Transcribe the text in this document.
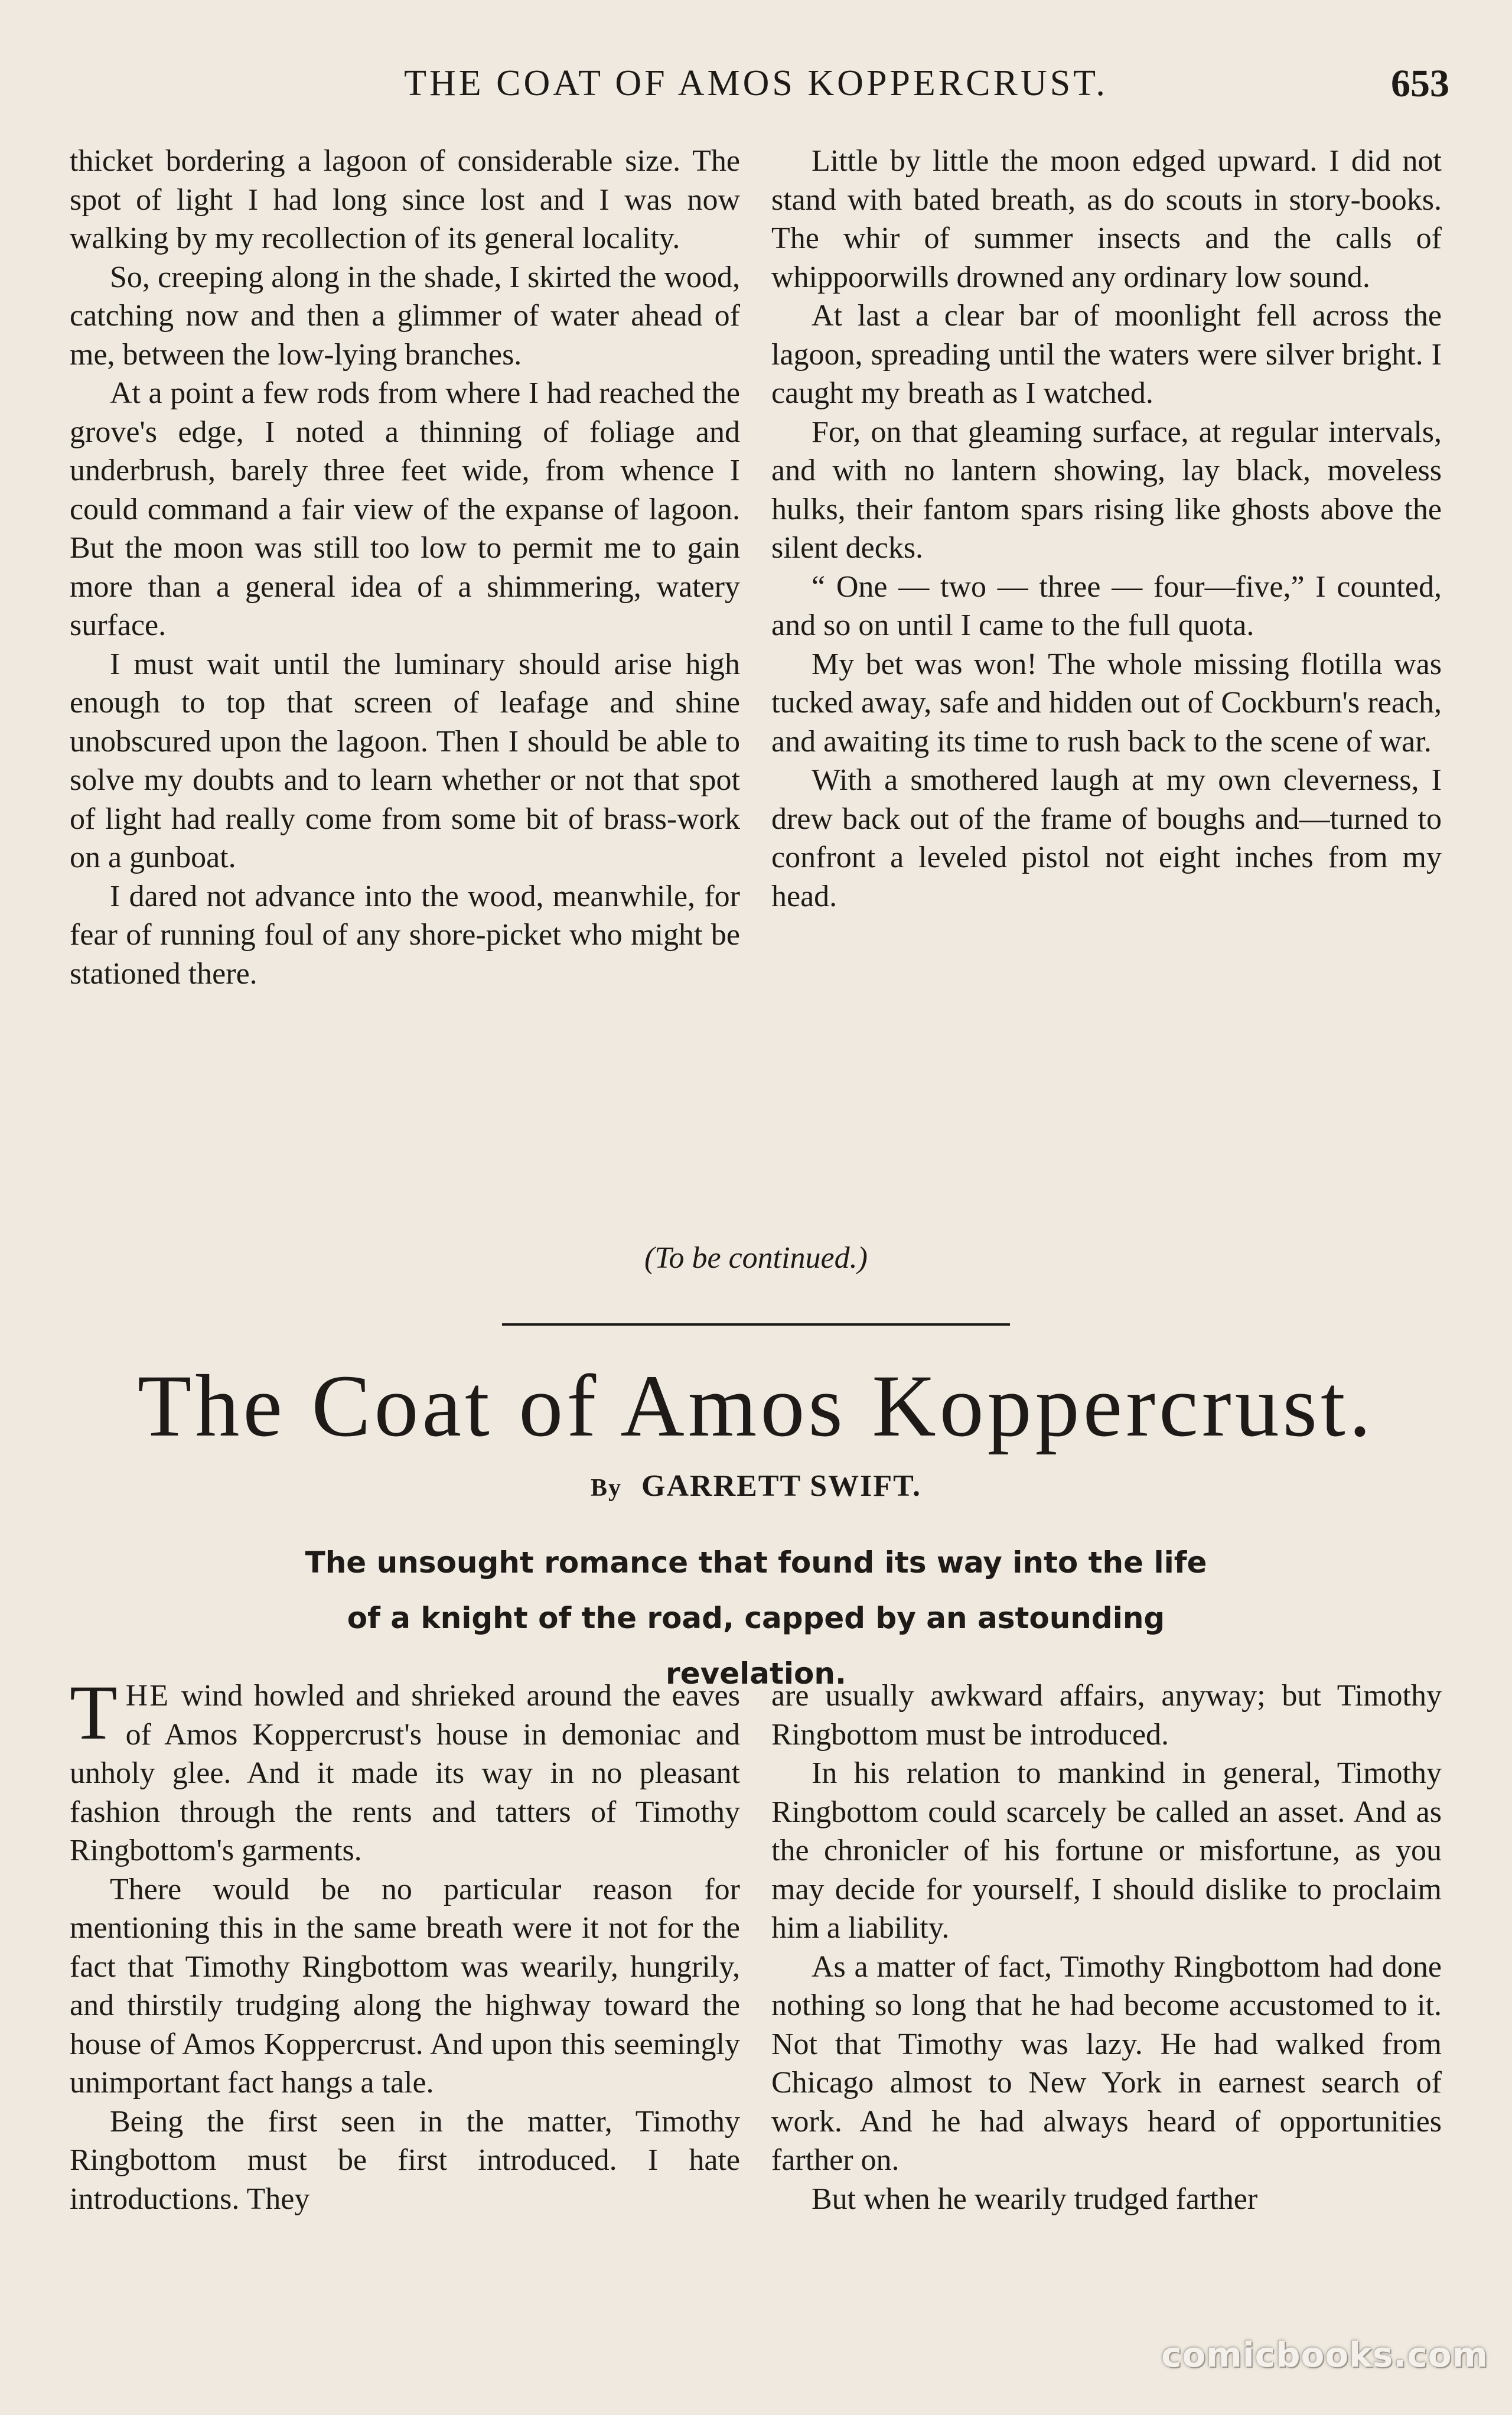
THE COAT OF AMOS KOPPERCRUST.	653

thicket bordering a lagoon of considerable size. The spot of light I had long since lost and I was now walking by my recollection of its general locality.

So, creeping along in the shade, I skirted the wood, catching now and then a glimmer of water ahead of me, between the low-lying branches.

At a point a few rods from where I had reached the grove's edge, I noted a thinning of foliage and underbrush, barely three feet wide, from whence I could command a fair view of the expanse of lagoon. But the moon was still too low to permit me to gain more than a general idea of a shimmering, watery surface.

I must wait until the luminary should arise high enough to top that screen of leafage and shine unobscured upon the lagoon. Then I should be able to solve my doubts and to learn whether or not that spot of light had really come from some bit of brass-work on a gunboat.

I dared not advance into the wood, meanwhile, for fear of running foul of any shore-picket who might be stationed there.

Little by little the moon edged upward. I did not stand with bated breath, as do scouts in story-books. The whir of summer insects and the calls of whippoorwills drowned any ordinary low sound.

At last a clear bar of moonlight fell across the lagoon, spreading until the waters were silver bright. I caught my breath as I watched.

For, on that gleaming surface, at regular intervals, and with no lantern showing, lay black, moveless hulks, their fantom spars rising like ghosts above the silent decks.

“ One — two — three — four—five,” I counted, and so on until I came to the full quota.

My bet was won! The whole missing flotilla was tucked away, safe and hidden out of Cockburn's reach, and awaiting its time to rush back to the scene of war.

With a smothered laugh at my own cleverness, I drew back out of the frame of boughs and—turned to confront a leveled pistol not eight inches from my head.

(To be continued.)
The Coat of Amos Koppercrust.
By GARRETT SWIFT.
The unsought romance that found its way into the life of a knight of the road, capped by an astounding revelation.

THE wind howled and shrieked around the eaves of Amos Koppercrust's house in demoniac and unholy glee. And it made its way in no pleasant fashion through the rents and tatters of Timothy Ringbottom's garments.

There would be no particular reason for mentioning this in the same breath were it not for the fact that Timothy Ringbottom was wearily, hungrily, and thirstily trudging along the highway toward the house of Amos Koppercrust. And upon this seemingly unimportant fact hangs a tale.

Being the first seen in the matter, Timothy Ringbottom must be first introduced. I hate introductions. They

are usually awkward affairs, anyway; but Timothy Ringbottom must be introduced.

In his relation to mankind in general, Timothy Ringbottom could scarcely be called an asset. And as the chronicler of his fortune or misfortune, as you may decide for yourself, I should dislike to proclaim him a liability.

As a matter of fact, Timothy Ringbottom had done nothing so long that he had become accustomed to it. Not that Timothy was lazy. He had walked from Chicago almost to New York in earnest search of work. And he had always heard of opportunities farther on.

But when he wearily trudged farther

comicbooks.com
